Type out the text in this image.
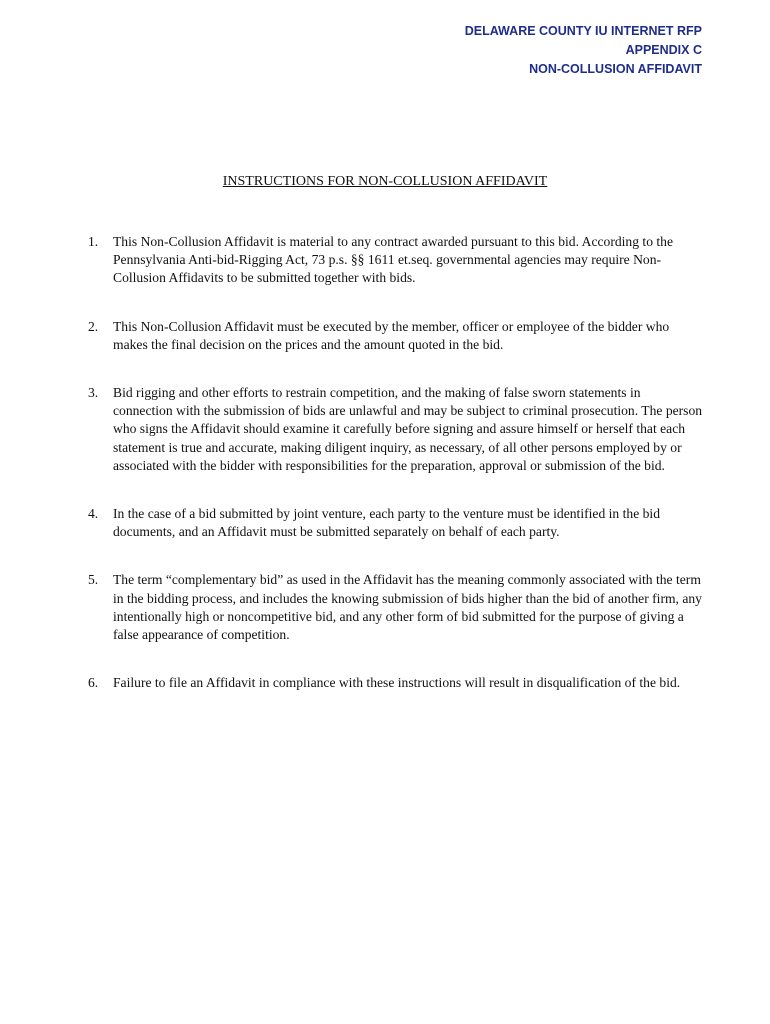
DELAWARE COUNTY IU INTERNET RFP
APPENDIX C
NON-COLLUSION AFFIDAVIT
INSTRUCTIONS FOR NON-COLLUSION AFFIDAVIT
1.	This Non-Collusion Affidavit is material to any contract awarded pursuant to this bid. According to the Pennsylvania Anti-bid-Rigging Act, 73 p.s. §§ 1611 et.seq. governmental agencies may require Non-Collusion Affidavits to be submitted together with bids.
2.	This Non-Collusion Affidavit must be executed by the member, officer or employee of the bidder who makes the final decision on the prices and the amount quoted in the bid.
3.	Bid rigging and other efforts to restrain competition, and the making of false sworn statements in connection with the submission of bids are unlawful and may be subject to criminal prosecution. The person who signs the Affidavit should examine it carefully before signing and assure himself or herself that each statement is true and accurate, making diligent inquiry, as necessary, of all other persons employed by or associated with the bidder with responsibilities for the preparation, approval or submission of the bid.
4.	In the case of a bid submitted by joint venture, each party to the venture must be identified in the bid documents, and an Affidavit must be submitted separately on behalf of each party.
5.	The term “complementary bid” as used in the Affidavit has the meaning commonly associated with the term in the bidding process, and includes the knowing submission of bids higher than the bid of another firm, any intentionally high or noncompetitive bid, and any other form of bid submitted for the purpose of giving a false appearance of competition.
6.	Failure to file an Affidavit in compliance with these instructions will result in disqualification of the bid.
